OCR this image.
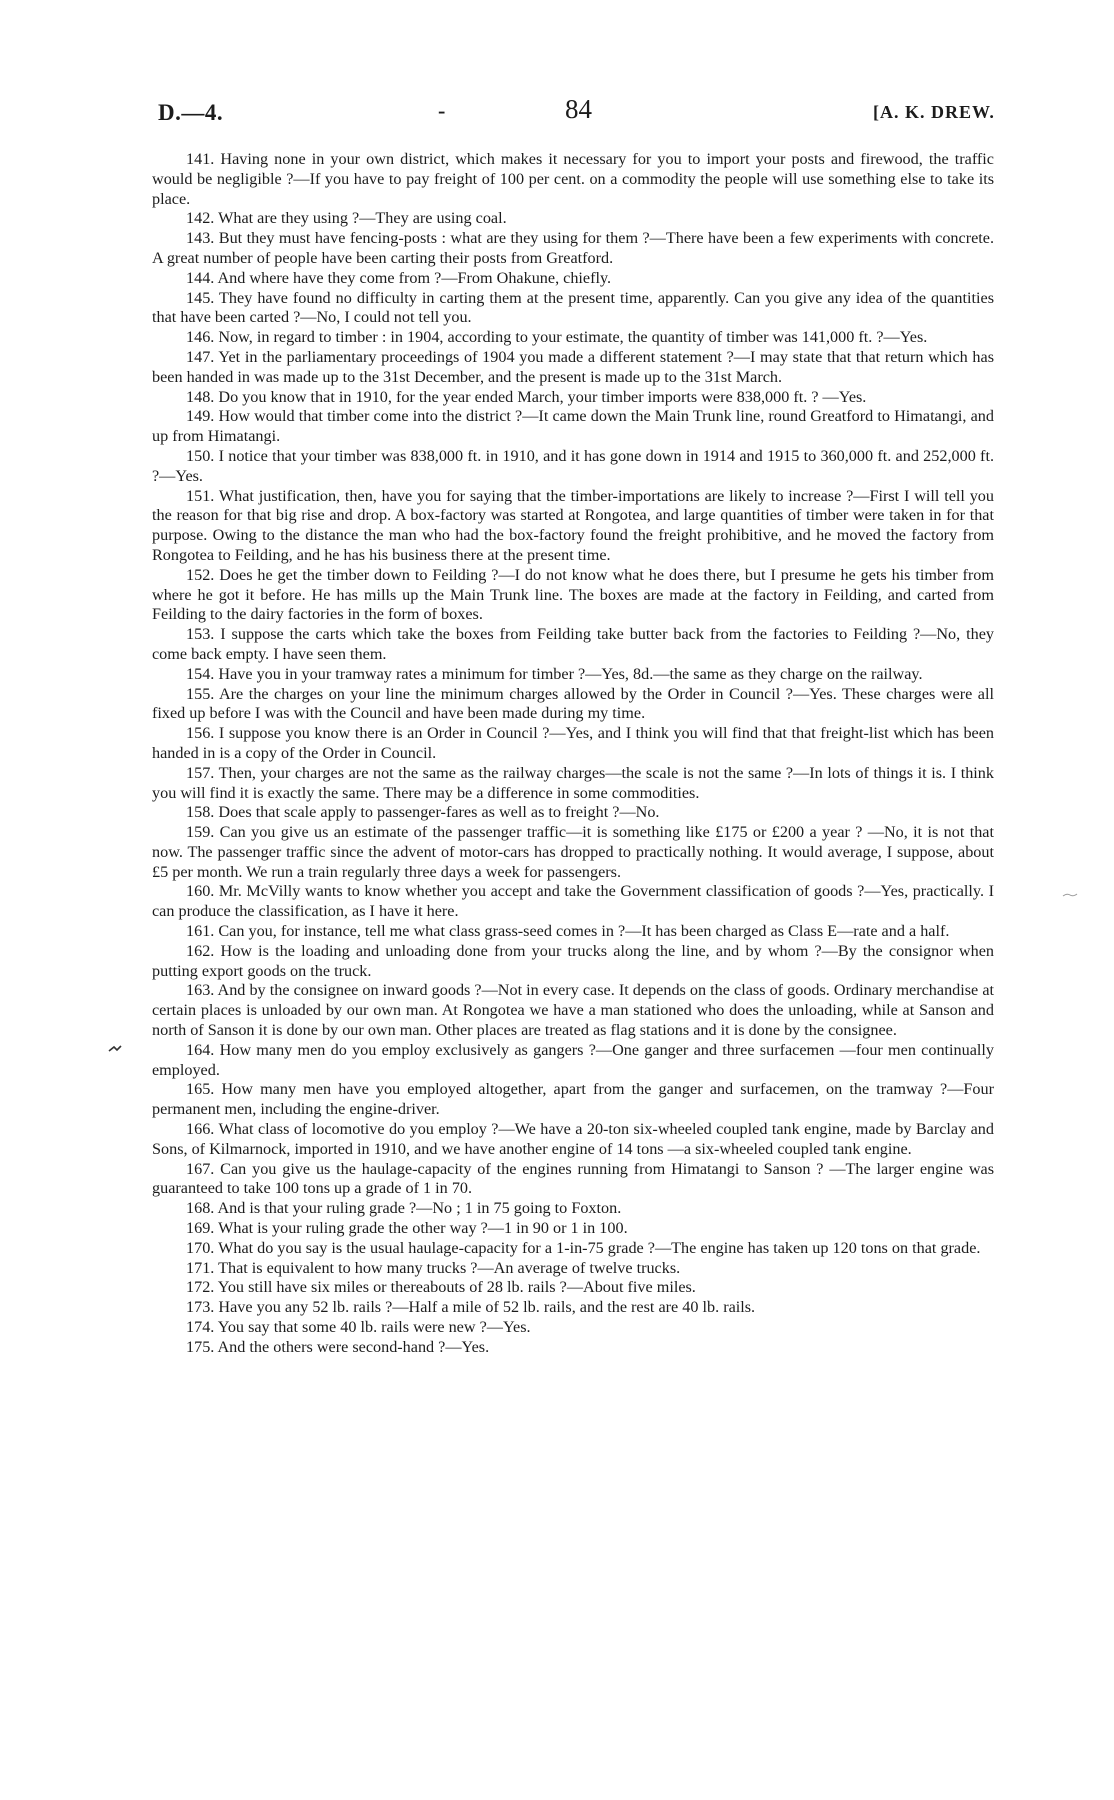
D.—4.	-	84	[A. K. DREW.

141. Having none in your own district, which makes it necessary for you to import your posts and firewood, the traffic would be negligible ?—If you have to pay freight of 100 per cent. on a commodity the people will use something else to take its place.

142. What are they using ?—They are using coal.

143. But they must have fencing-posts : what are they using for them ?—There have been a few experiments with concrete. A great number of people have been carting their posts from Greatford.

144. And where have they come from ?—From Ohakune, chiefly.

145. They have found no difficulty in carting them at the present time, apparently. Can you give any idea of the quantities that have been carted ?—No, I could not tell you.

146. Now, in regard to timber : in 1904, according to your estimate, the quantity of timber was 141,000 ft. ?—Yes.

147. Yet in the parliamentary proceedings of 1904 you made a different statement ?—I may state that that return which has been handed in was made up to the 31st December, and the present is made up to the 31st March.

148. Do you know that in 1910, for the year ended March, your timber imports were 838,000 ft. ? —Yes.

149. How would that timber come into the district ?—It came down the Main Trunk line, round Greatford to Himatangi, and up from Himatangi.

150. I notice that your timber was 838,000 ft. in 1910, and it has gone down in 1914 and 1915 to 360,000 ft. and 252,000 ft. ?—Yes.

151. What justification, then, have you for saying that the timber-importations are likely to increase ?—First I will tell you the reason for that big rise and drop. A box-factory was started at Rongotea, and large quantities of timber were taken in for that purpose. Owing to the distance the man who had the box-factory found the freight prohibitive, and he moved the factory from Rongotea to Feilding, and he has his business there at the present time.

152. Does he get the timber down to Feilding ?—I do not know what he does there, but I presume he gets his timber from where he got it before. He has mills up the Main Trunk line. The boxes are made at the factory in Feilding, and carted from Feilding to the dairy factories in the form of boxes.

153. I suppose the carts which take the boxes from Feilding take butter back from the factories to Feilding ?—No, they come back empty. I have seen them.

154. Have you in your tramway rates a minimum for timber ?—Yes, 8d.—the same as they charge on the railway.

155. Are the charges on your line the minimum charges allowed by the Order in Council ?—Yes. These charges were all fixed up before I was with the Council and have been made during my time.

156. I suppose you know there is an Order in Council ?—Yes, and I think you will find that that freight-list which has been handed in is a copy of the Order in Council.

157. Then, your charges are not the same as the railway charges—the scale is not the same ?—In lots of things it is. I think you will find it is exactly the same. There may be a difference in some commodities.

158. Does that scale apply to passenger-fares as well as to freight ?—No.

159. Can you give us an estimate of the passenger traffic—it is something like £175 or £200 a year ? —No, it is not that now. The passenger traffic since the advent of motor-cars has dropped to practically nothing. It would average, I suppose, about £5 per month. We run a train regularly three days a week for passengers.

160. Mr. McVilly wants to know whether you accept and take the Government classification of goods ?—Yes, practically. I can produce the classification, as I have it here.

161. Can you, for instance, tell me what class grass-seed comes in ?—It has been charged as Class E—rate and a half.

162. How is the loading and unloading done from your trucks along the line, and by whom ?—By the consignor when putting export goods on the truck.

163. And by the consignee on inward goods ?—Not in every case. It depends on the class of goods. Ordinary merchandise at certain places is unloaded by our own man. At Rongotea we have a man stationed who does the unloading, while at Sanson and north of Sanson it is done by our own man. Other places are treated as flag stations and it is done by the consignee.

164. How many men do you employ exclusively as gangers ?—One ganger and three surfacemen —four men continually employed.

165. How many men have you employed altogether, apart from the ganger and surfacemen, on the tramway ?—Four permanent men, including the engine-driver.

166. What class of locomotive do you employ ?—We have a 20-ton six-wheeled coupled tank engine, made by Barclay and Sons, of Kilmarnock, imported in 1910, and we have another engine of 14 tons —a six-wheeled coupled tank engine.

167. Can you give us the haulage-capacity of the engines running from Himatangi to Sanson ? —The larger engine was guaranteed to take 100 tons up a grade of 1 in 70.

168. And is that your ruling grade ?—No ; 1 in 75 going to Foxton.

169. What is your ruling grade the other way ?—1 in 90 or 1 in 100.

170. What do you say is the usual haulage-capacity for a 1-in-75 grade ?—The engine has taken up 120 tons on that grade.

171. That is equivalent to how many trucks ?—An average of twelve trucks.

172. You still have six miles or thereabouts of 28 lb. rails ?—About five miles.

173. Have you any 52 lb. rails ?—Half a mile of 52 lb. rails, and the rest are 40 lb. rails.

174. You say that some 40 lb. rails were new ?—Yes.

175. And the others were second-hand ?—Yes.
